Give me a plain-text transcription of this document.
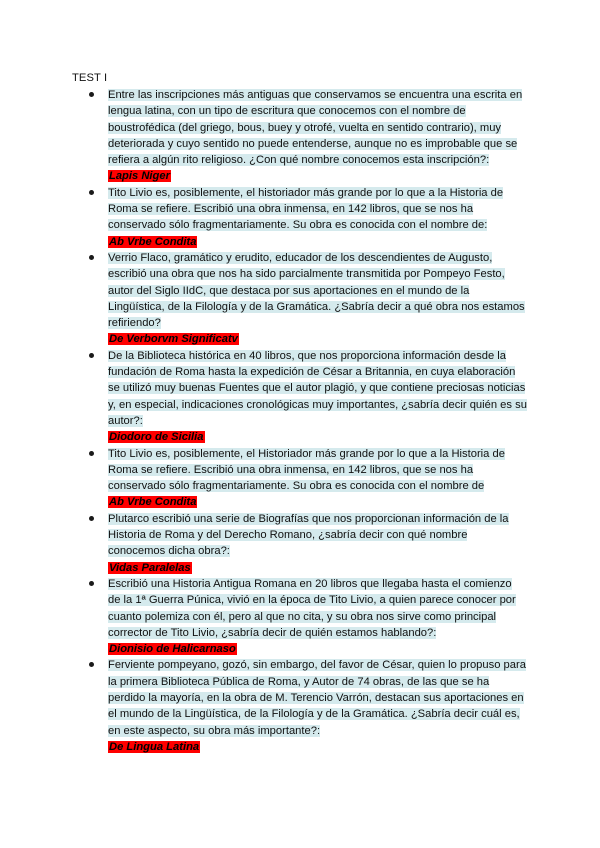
TEST I
Entre las inscripciones más antiguas que conservamos se encuentra una escrita en lengua latina, con un tipo de escritura que conocemos con el nombre de boustrofédica (del griego, bous, buey y otrofé, vuelta en sentido contrario), muy deteriorada y cuyo sentido no puede entenderse, aunque no es improbable que se refiera a algún rito religioso. ¿Con qué nombre conocemos esta inscripción?:
Lapis Niger
Tito Livio es, posiblemente, el historiador más grande por lo que a la Historia de Roma se refiere. Escribió una obra inmensa, en 142 libros, que se nos ha conservado sólo fragmentariamente. Su obra es conocida con el nombre de:
Ab Vrbe Condita
Verrio Flaco, gramático y erudito, educador de los descendientes de Augusto, escribió una obra que nos ha sido parcialmente transmitida por Pompeyo Festo, autor del Siglo IIdC, que destaca por sus aportaciones en el mundo de la Lingüística, de la Filología y de la Gramática. ¿Sabría decir a qué obra nos estamos refiriendo?
De Verborvm Significatv
De la Biblioteca histórica en 40 libros, que nos proporciona información desde la fundación de Roma hasta la expedición de César a Britannia, en cuya elaboración se utilizó muy buenas Fuentes que el autor plagió, y que contiene preciosas noticias y, en especial, indicaciones cronológicas muy importantes, ¿sabría decir quién es su autor?:
Diodoro de Sicilia
Tito Livio es, posiblemente, el Historiador más grande por lo que a la Historia de Roma se refiere. Escribió una obra inmensa, en 142 libros, que se nos ha conservado sólo fragmentariamente. Su obra es conocida con el nombre de
Ab Vrbe Condita
Plutarco escribió una serie de Biografías que nos proporcionan información de la Historia de Roma y del Derecho Romano, ¿sabría decir con qué nombre conocemos dicha obra?:
Vidas Paralelas
Escribió una Historia Antigua Romana en 20 libros que llegaba hasta el comienzo de la 1ª Guerra Púnica, vivió en la época de Tito Livio, a quien parece conocer por cuanto polemiza con él, pero al que no cita, y su obra nos sirve como principal corrector de Tito Livio, ¿sabría decir de quién estamos hablando?:
Dionisio de Halicarnaso
Ferviente pompeyano, gozó, sin embargo, del favor de César, quien lo propuso para la primera Biblioteca Pública de Roma, y Autor de 74 obras, de las que se ha perdido la mayoría, en la obra de M. Terencio Varrón, destacan sus aportaciones en el mundo de la Lingüística, de la Filología y de la Gramática. ¿Sabría decir cuál es, en este aspecto, su obra más importante?:
De Lingua Latina
